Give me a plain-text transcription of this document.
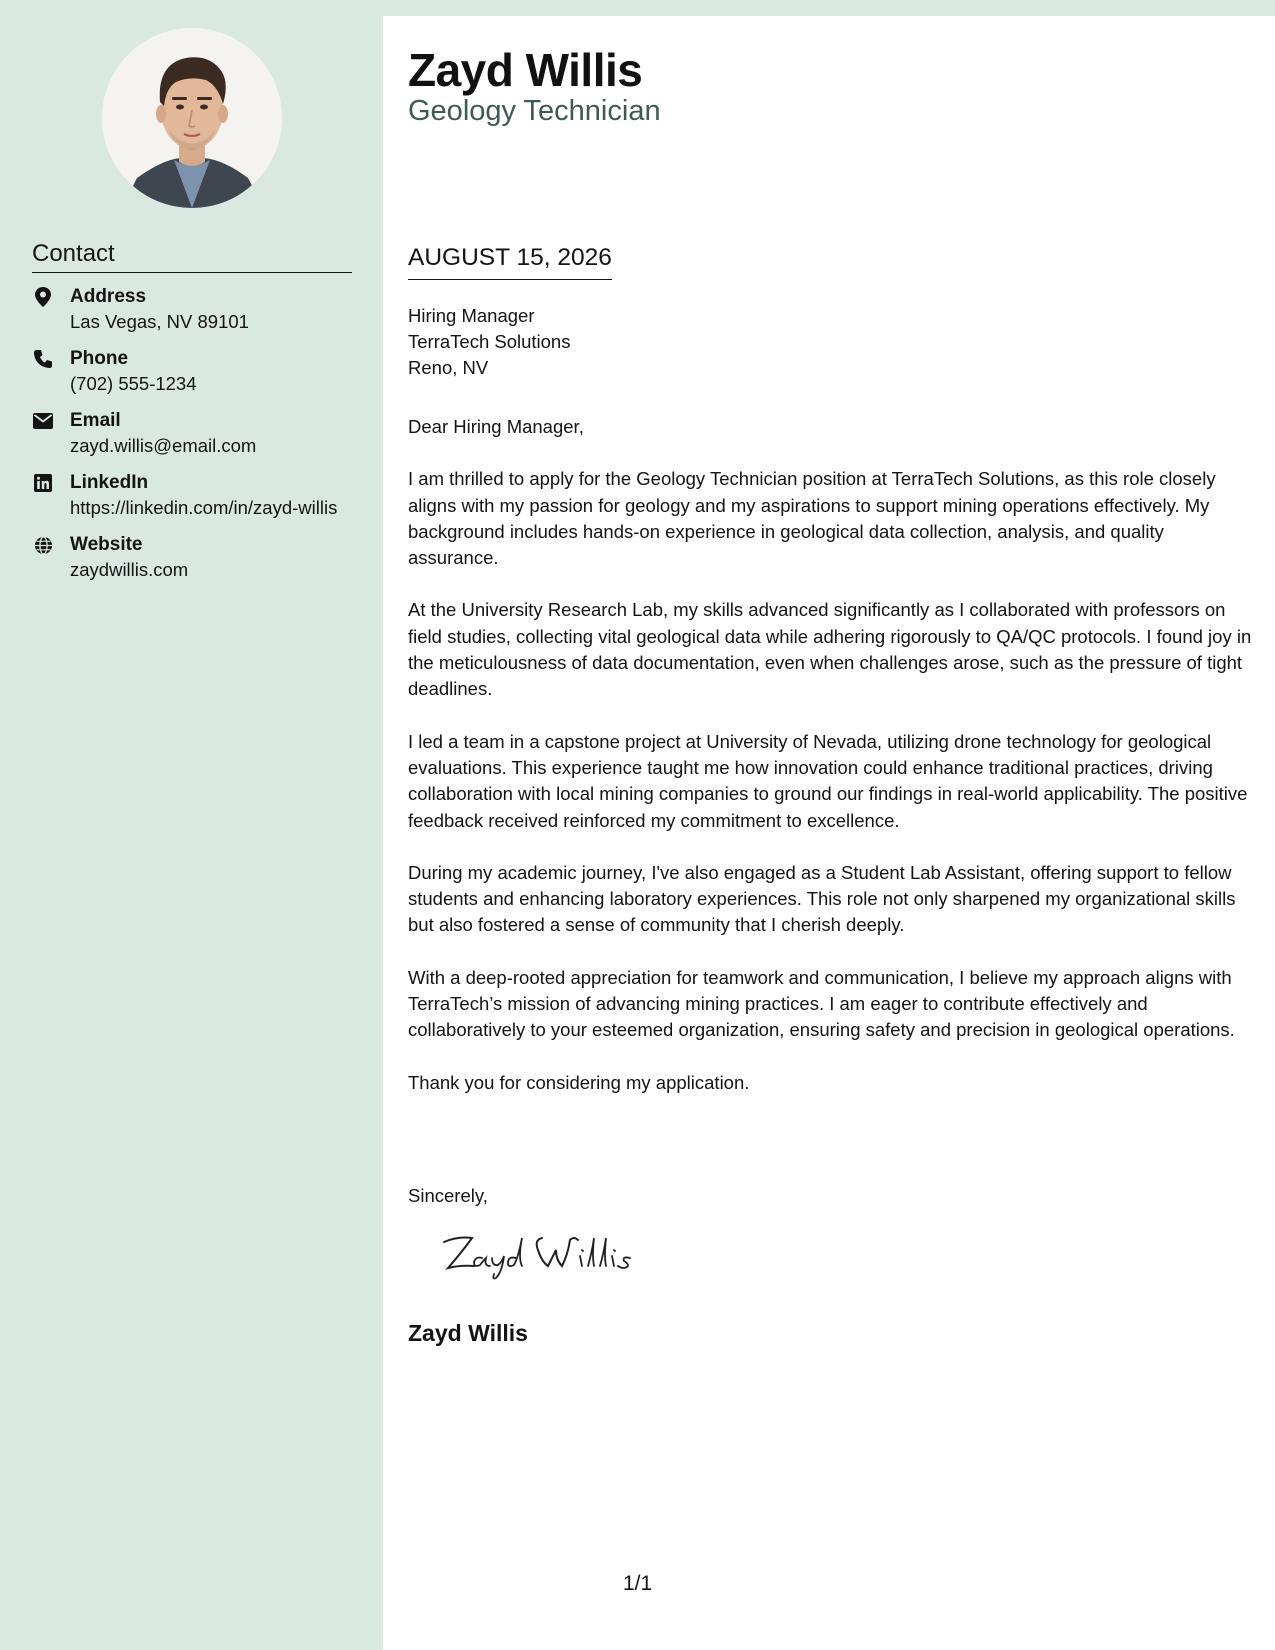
Contact
Address
Las Vegas, NV 89101
Phone
(702) 555-1234
Email
zayd.willis@email.com
LinkedIn
https://linkedin.com/in/zayd-willis
Website
zaydwillis.com
Zayd Willis
Geology Technician
AUGUST 15, 2026
Hiring Manager
TerraTech Solutions
Reno, NV

Dear Hiring Manager,

I am thrilled to apply for the Geology Technician position at TerraTech Solutions, as this role closely aligns with my passion for geology and my aspirations to support mining operations effectively. My background includes hands-on experience in geological data collection, analysis, and quality assurance.

At the University Research Lab, my skills advanced significantly as I collaborated with professors on field studies, collecting vital geological data while adhering rigorously to QA/QC protocols. I found joy in the meticulousness of data documentation, even when challenges arose, such as the pressure of tight deadlines.

I led a team in a capstone project at University of Nevada, utilizing drone technology for geological evaluations. This experience taught me how innovation could enhance traditional practices, driving collaboration with local mining companies to ground our findings in real-world applicability. The positive feedback received reinforced my commitment to excellence.

During my academic journey, I've also engaged as a Student Lab Assistant, offering support to fellow students and enhancing laboratory experiences. This role not only sharpened my organizational skills but also fostered a sense of community that I cherish deeply.

With a deep-rooted appreciation for teamwork and communication, I believe my approach aligns with TerraTech’s mission of advancing mining practices. I am eager to contribute effectively and collaboratively to your esteemed organization, ensuring safety and precision in geological operations.

Thank you for considering my application.

Sincerely,
Zayd Willis
1/1
